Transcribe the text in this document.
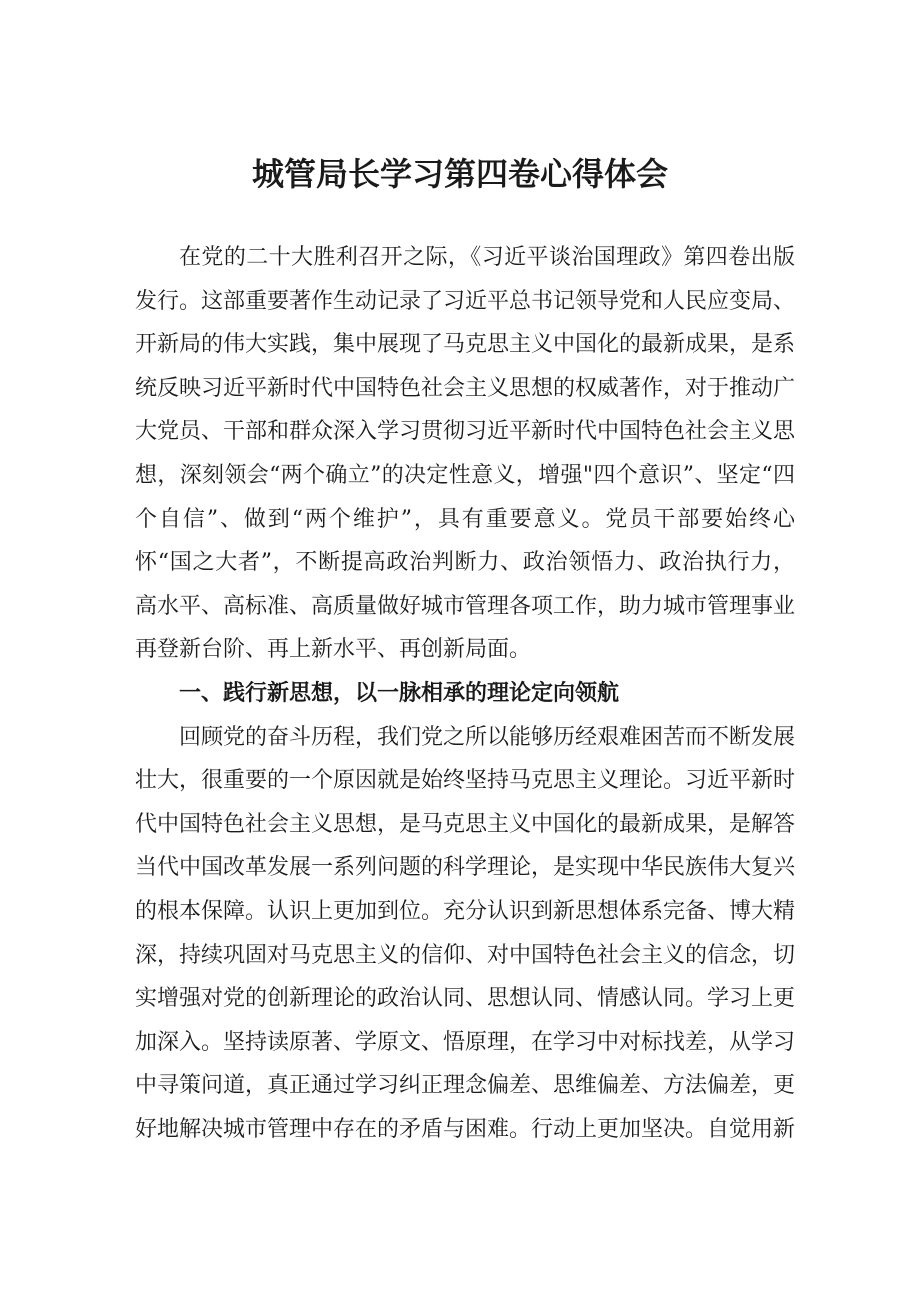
城管局长学习第四卷心得体会

在党的二十大胜利召开之际，《习近平谈治国理政》第四卷出版发行。这部重要著作生动记录了习近平总书记领导党和人民应变局、开新局的伟大实践，集中展现了马克思主义中国化的最新成果，是系统反映习近平新时代中国特色社会主义思想的权威著作，对于推动广大党员、干部和群众深入学习贯彻习近平新时代中国特色社会主义思想，深刻领会“两个确立”的决定性意义，增强"四个意识”、坚定“四个自信”、做到“两个维护”，具有重要意义。党员干部要始终心怀“国之大者”，不断提高政治判断力、政治领悟力、政治执行力，高水平、高标准、高质量做好城市管理各项工作，助力城市管理事业再登新台阶、再上新水平、再创新局面。

一、践行新思想，以一脉相承的理论定向领航

回顾党的奋斗历程，我们党之所以能够历经艰难困苦而不断发展壮大，很重要的一个原因就是始终坚持马克思主义理论。习近平新时代中国特色社会主义思想，是马克思主义中国化的最新成果，是解答当代中国改革发展一系列问题的科学理论，是实现中华民族伟大复兴的根本保障。认识上更加到位。充分认识到新思想体系完备、博大精深，持续巩固对马克思主义的信仰、对中国特色社会主义的信念，切实增强对党的创新理论的政治认同、思想认同、情感认同。学习上更加深入。坚持读原著、学原文、悟原理，在学习中对标找差，从学习中寻策问道，真正通过学习纠正理念偏差、思维偏差、方法偏差，更好地解决城市管理中存在的矛盾与困难。行动上更加坚决。自觉用新
